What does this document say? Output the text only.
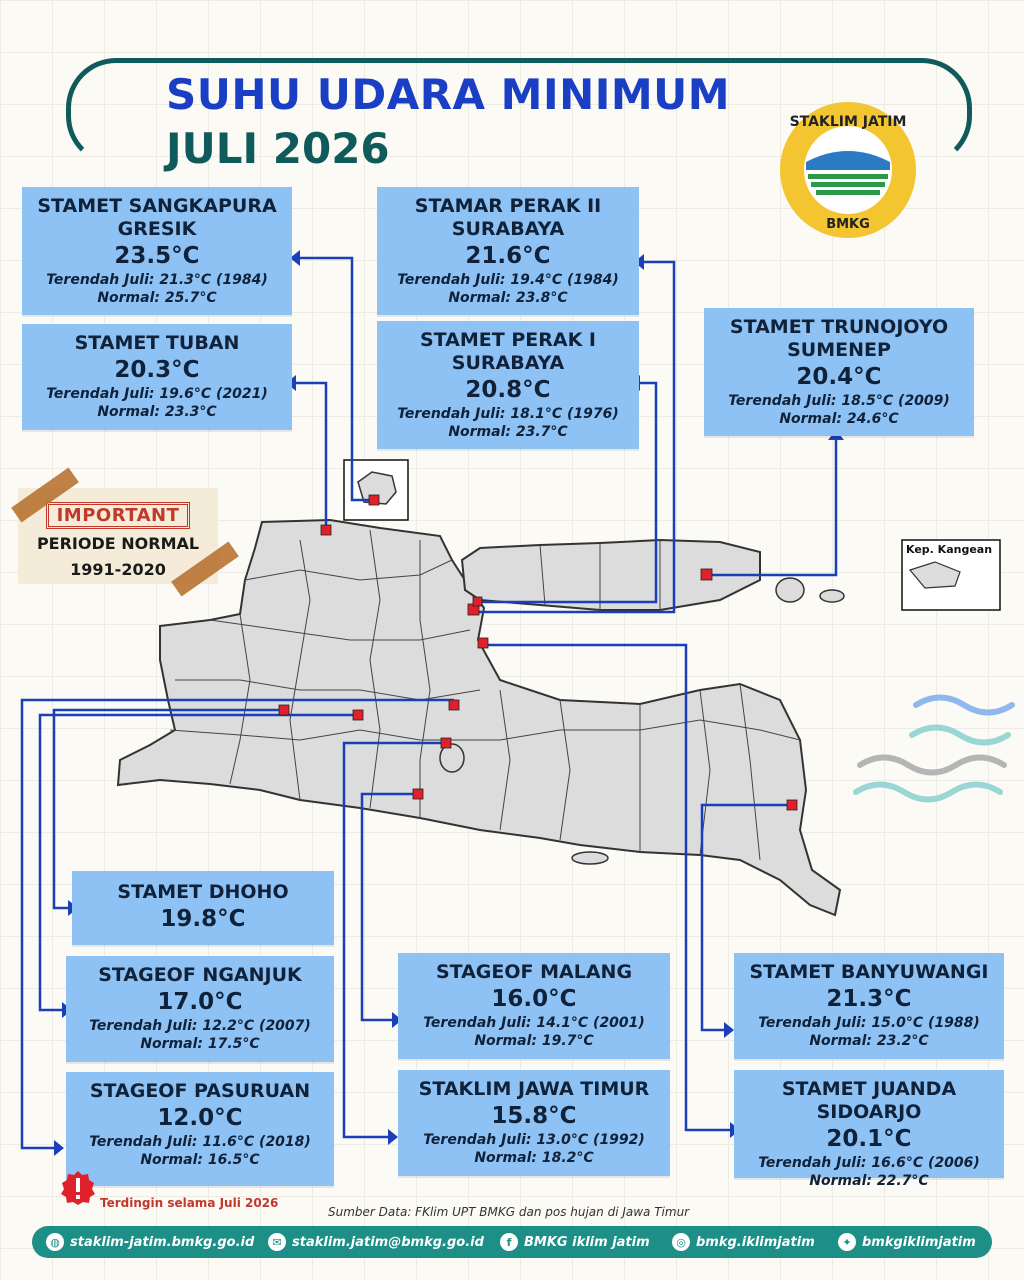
SUHU UDARA MINIMUM
JULI 2026
STAKLIM JATIM
BMKG
Kep. Kangean
IMPORTANT
PERIODE NORMAL
1991-2020
STAMET SANGKAPURA
GRESIK
23.5°C
Terendah Juli: 21.3°C (1984)
Normal: 25.7°C
STAMET TUBAN
20.3°C
Terendah Juli: 19.6°C (2021)
Normal: 23.3°C
STAMAR PERAK II
SURABAYA
21.6°C
Terendah Juli: 19.4°C (1984)
Normal: 23.8°C
STAMET PERAK I
SURABAYA
20.8°C
Terendah Juli: 18.1°C (1976)
Normal: 23.7°C
STAMET TRUNOJOYO
SUMENEP
20.4°C
Terendah Juli: 18.5°C (2009)
Normal: 24.6°C
STAMET DHOHO
19.8°C
STAGEOF NGANJUK
17.0°C
Terendah Juli: 12.2°C (2007)
Normal: 17.5°C
STAGEOF PASURUAN
12.0°C
Terendah Juli: 11.6°C (2018)
Normal: 16.5°C
STAGEOF MALANG
16.0°C
Terendah Juli: 14.1°C (2001)
Normal: 19.7°C
STAKLIM JAWA TIMUR
15.8°C
Terendah Juli: 13.0°C (1992)
Normal: 18.2°C
STAMET BANYUWANGI
21.3°C
Terendah Juli: 15.0°C (1988)
Normal: 23.2°C
STAMET JUANDA SIDOARJO
20.1°C
Terendah Juli: 16.6°C (2006)
Normal: 22.7°C
Terdingin selama Juli 2026
Sumber Data: FKlim UPT BMKG dan pos hujan di Jawa Timur
◍ staklim-jatim.bmkg.go.id	✉ staklim.jatim@bmkg.go.id	f BMKG iklim jatim	◎ bmkg.iklimjatim	✦ bmkgiklimjatim
